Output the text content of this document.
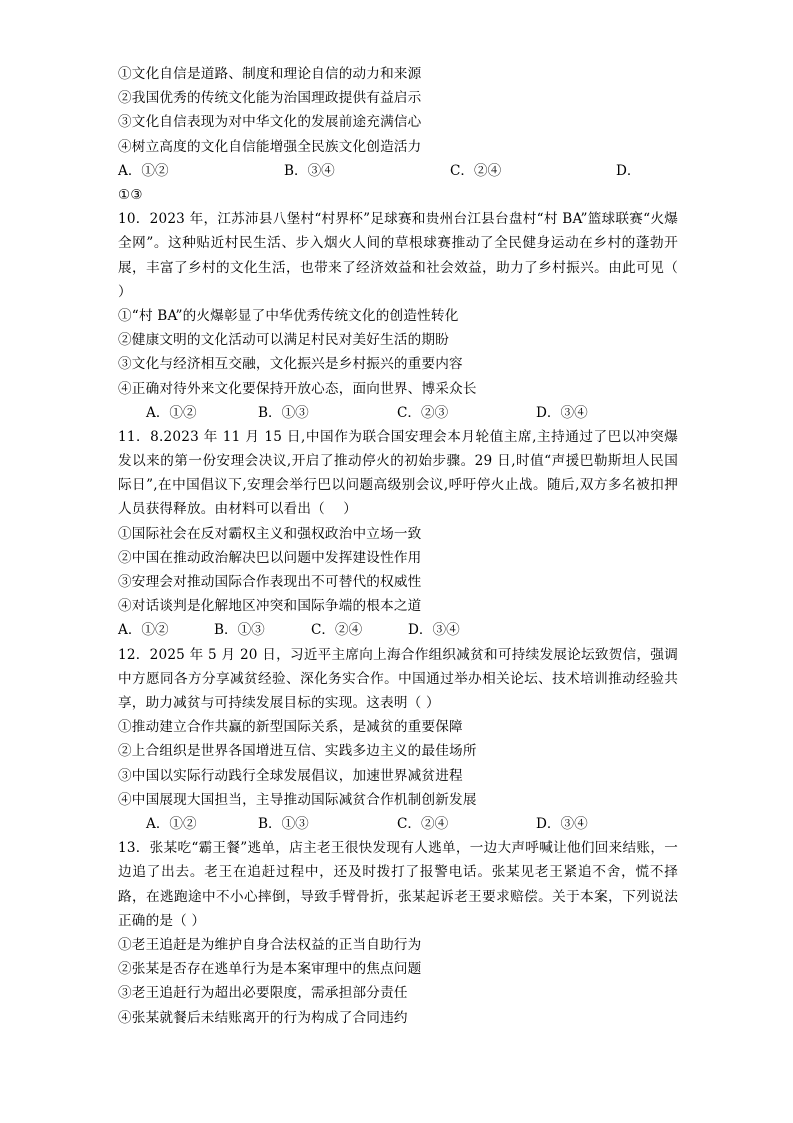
①文化自信是道路、制度和理论自信的动力和来源
②我国优秀的传统文化能为治国理政提供有益启示
③文化自信表现为对中华文化的发展前途充满信心
④树立高度的文化自信能增强全民族文化创造活力
A．①②	B．③④	C．②④	D．
①③
10．2023 年，江苏沛县八堡村“村界杯”足球赛和贵州台江县台盘村“村 BA”篮球联赛“火爆全网”。这种贴近村民生活、步入烟火人间的草根球赛推动了全民健身运动在乡村的蓬勃开展，丰富了乡村的文化生活，也带来了经济效益和社会效益，助力了乡村振兴。由此可见（ ）
①“村 BA”的火爆彰显了中华优秀传统文化的创造性转化
②健康文明的文化活动可以满足村民对美好生活的期盼
③文化与经济相互交融，文化振兴是乡村振兴的重要内容
④正确对待外来文化要保持开放心态，面向世界、博采众长
A．①②	B．①③	C．②③	D．③④
11．8.2023 年 11 月 15 日,中国作为联合国安理会本月轮值主席,主持通过了巴以冲突爆发以来的第一份安理会决议,开启了推动停火的初始步骤。29 日,时值“声援巴勒斯坦人民国际日”,在中国倡议下,安理会举行巴以问题高级别会议,呼吁停火止战。随后,双方多名被扣押人员获得释放。由材料可以看出（　 ）
①国际社会在反对霸权主义和强权政治中立场一致
②中国在推动政治解决巴以问题中发挥建设性作用
③安理会对推动国际合作表现出不可替代的权威性
④对话谈判是化解地区冲突和国际争端的根本之道
A．①②	B．①③	C．②④	D．③④
12．2025 年 5 月 20 日，习近平主席向上海合作组织减贫和可持续发展论坛致贺信，强调中方愿同各方分享减贫经验、深化务实合作。中国通过举办相关论坛、技术培训推动经验共享，助力减贫与可持续发展目标的实现。这表明（ ）
①推动建立合作共赢的新型国际关系，是减贫的重要保障
②上合组织是世界各国增进互信、实践多边主义的最佳场所
③中国以实际行动践行全球发展倡议，加速世界减贫进程
④中国展现大国担当，主导推动国际减贫合作机制创新发展
A．①②	B．①③	C．②④	D．③④
13．张某吃“霸王餐”逃单，店主老王很快发现有人逃单，一边大声呼喊让他们回来结账，一边追了出去。老王在追赶过程中，还及时拨打了报警电话。张某见老王紧追不舍，慌不择路，在逃跑途中不小心摔倒，导致手臂骨折，张某起诉老王要求赔偿。关于本案，下列说法正确的是（ ）
①老王追赶是为维护自身合法权益的正当自助行为
②张某是否存在逃单行为是本案审理中的焦点问题
③老王追赶行为超出必要限度，需承担部分责任
④张某就餐后未结账离开的行为构成了合同违约
